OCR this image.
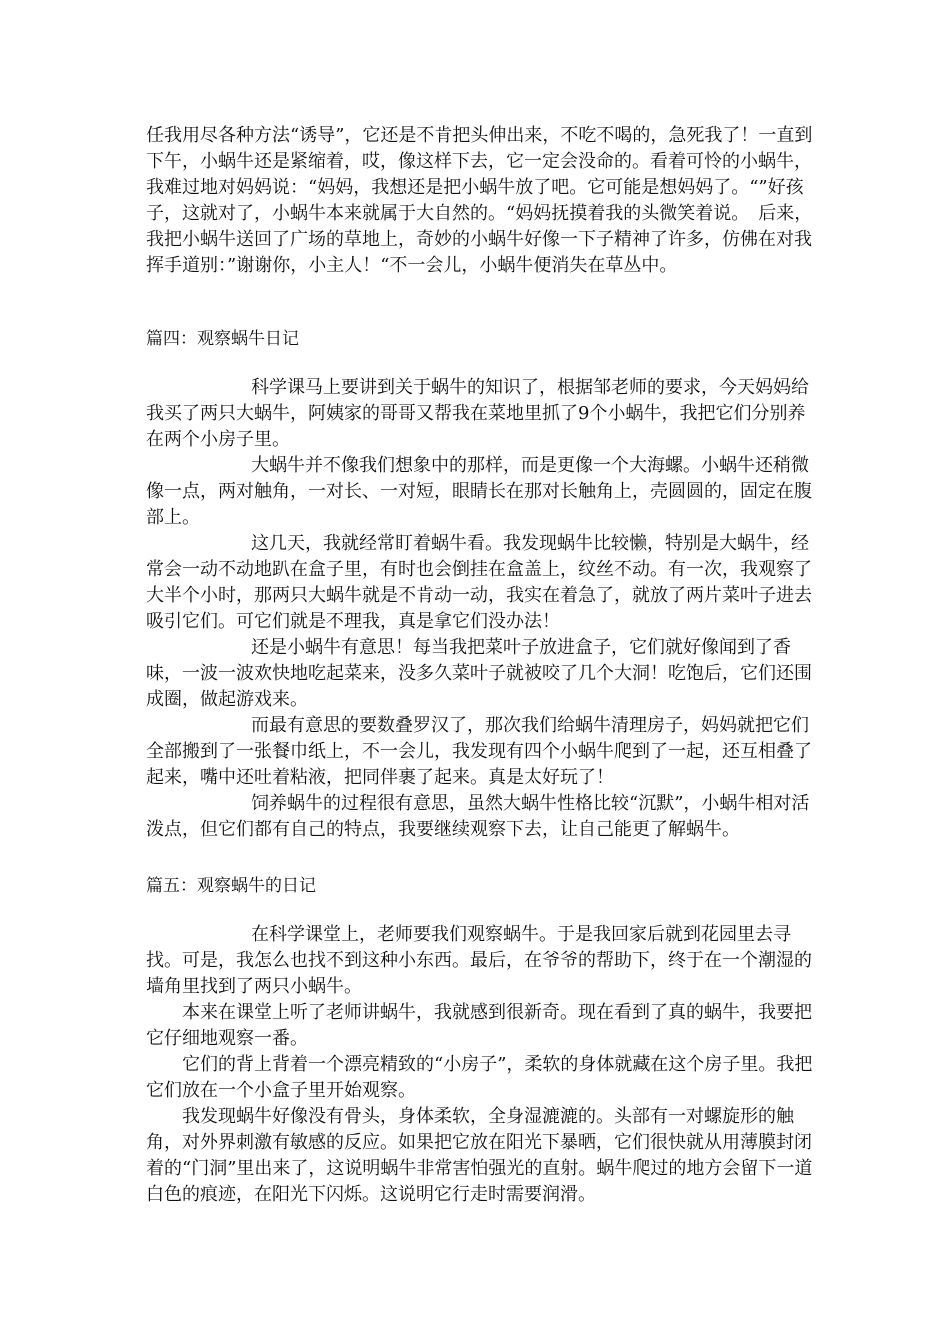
任我用尽各种方法“诱导”，它还是不肯把头伸出来，不吃不喝的，急死我了！一直到下午，小蜗牛还是紧缩着，哎，像这样下去，它一定会没命的。看着可怜的小蜗牛，我难过地对妈妈说：“妈妈，我想还是把小蜗牛放了吧。它可能是想妈妈了。“”好孩子，这就对了，小蜗牛本来就属于大自然的。“妈妈抚摸着我的头微笑着说。　后来，我把小蜗牛送回了广场的草地上，奇妙的小蜗牛好像一下子精神了许多，仿佛在对我挥手道别：”谢谢你，小主人！“不一会儿，小蜗牛便消失在草丛中。

篇四：观察蜗牛日记

科学课马上要讲到关于蜗牛的知识了，根据邹老师的要求，今天妈妈给我买了两只大蜗牛，阿姨家的哥哥又帮我在菜地里抓了9个小蜗牛，我把它们分别养在两个小房子里。

大蜗牛并不像我们想象中的那样，而是更像一个大海螺。小蜗牛还稍微像一点，两对触角，一对长、一对短，眼睛长在那对长触角上，壳圆圆的，固定在腹部上。

这几天，我就经常盯着蜗牛看。我发现蜗牛比较懒，特别是大蜗牛，经常会一动不动地趴在盒子里，有时也会倒挂在盒盖上，纹丝不动。有一次，我观察了大半个小时，那两只大蜗牛就是不肯动一动，我实在着急了，就放了两片菜叶子进去吸引它们。可它们就是不理我，真是拿它们没办法！

还是小蜗牛有意思！每当我把菜叶子放进盒子，它们就好像闻到了香味，一波一波欢快地吃起菜来，没多久菜叶子就被咬了几个大洞！吃饱后，它们还围成圈，做起游戏来。

而最有意思的要数叠罗汉了，那次我们给蜗牛清理房子，妈妈就把它们全部搬到了一张餐巾纸上，不一会儿，我发现有四个小蜗牛爬到了一起，还互相叠了起来，嘴中还吐着粘液，把同伴裹了起来。真是太好玩了！

饲养蜗牛的过程很有意思，虽然大蜗牛性格比较“沉默”，小蜗牛相对活泼点，但它们都有自己的特点，我要继续观察下去，让自己能更了解蜗牛。

篇五：观察蜗牛的日记

在科学课堂上，老师要我们观察蜗牛。于是我回家后就到花园里去寻找。可是，我怎么也找不到这种小东西。最后，在爷爷的帮助下，终于在一个潮湿的墙角里找到了两只小蜗牛。

本来在课堂上听了老师讲蜗牛，我就感到很新奇。现在看到了真的蜗牛，我要把它仔细地观察一番。

它们的背上背着一个漂亮精致的“小房子”，柔软的身体就藏在这个房子里。我把它们放在一个小盒子里开始观察。

我发现蜗牛好像没有骨头，身体柔软，全身湿漉漉的。头部有一对螺旋形的触角，对外界刺激有敏感的反应。如果把它放在阳光下暴晒，它们很快就从用薄膜封闭着的“门洞”里出来了，这说明蜗牛非常害怕强光的直射。蜗牛爬过的地方会留下一道白色的痕迹，在阳光下闪烁。这说明它行走时需要润滑。
